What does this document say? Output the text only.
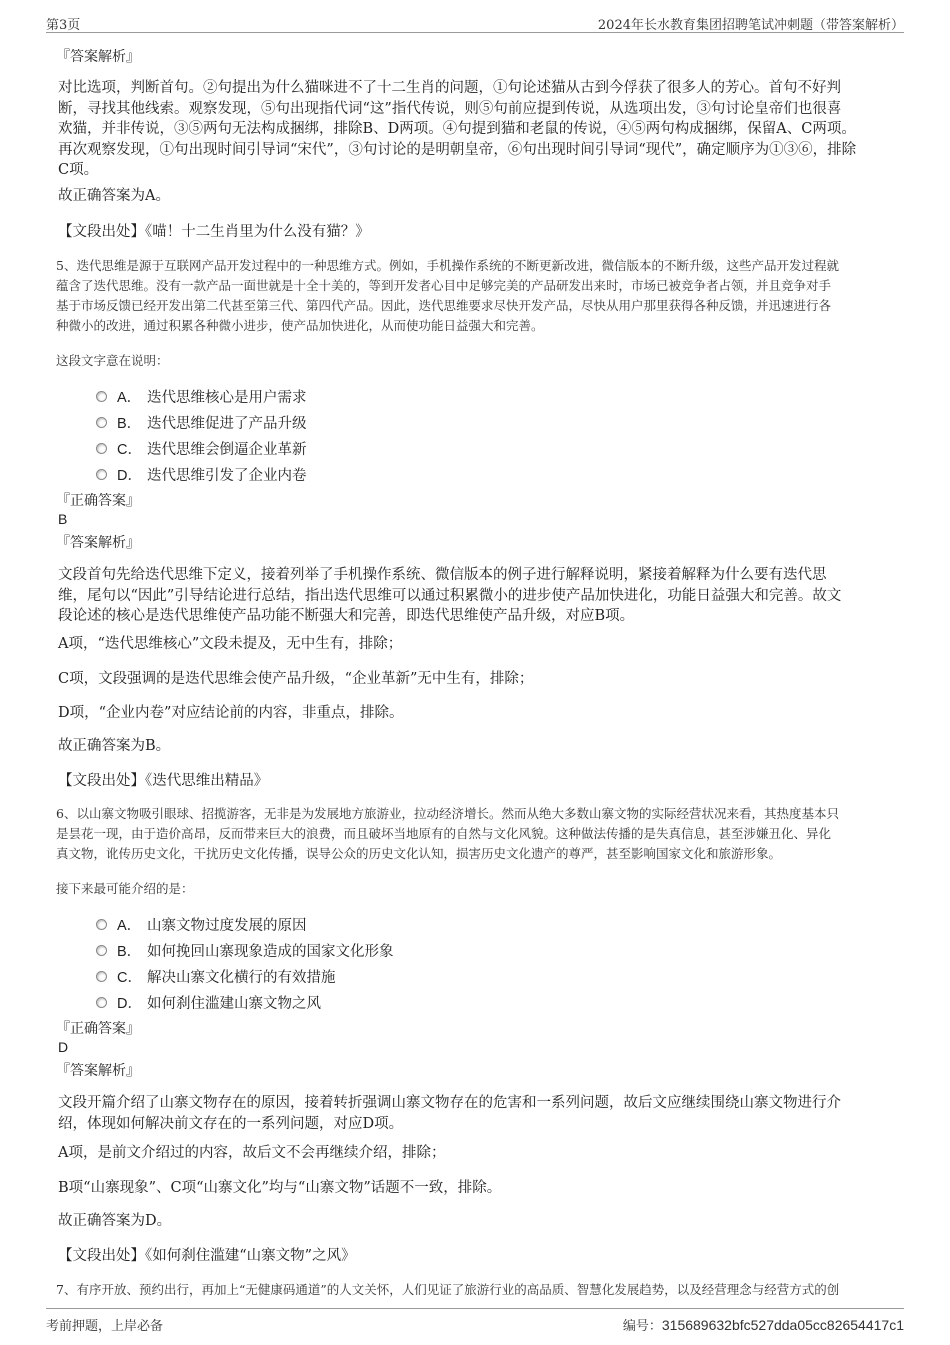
第3页	2024年长水教育集团招聘笔试冲刺题（带答案解析）
『答案解析』
对比选项，判断首句。②句提出为什么猫咪进不了十二生肖的问题，①句论述猫从古到今俘获了很多人的芳心。首句不好判
断，寻找其他线索。观察发现，⑤句出现指代词“这”指代传说，则⑤句前应提到传说，从选项出发，③句讨论皇帝们也很喜
欢猫，并非传说，③⑤两句无法构成捆绑，排除B、D两项。④句提到猫和老鼠的传说，④⑤两句构成捆绑，保留A、C两项。
再次观察发现，①句出现时间引导词“宋代”，③句讨论的是明朝皇帝，⑥句出现时间引导词“现代”，确定顺序为①③⑥，排除
C项。
故正确答案为A。
【文段出处】《喵！十二生肖里为什么没有猫？》
5、迭代思维是源于互联网产品开发过程中的一种思维方式。例如，手机操作系统的不断更新改进，微信版本的不断升级，这些产品开发过程就
蕴含了迭代思维。没有一款产品一面世就是十全十美的，等到开发者心目中足够完美的产品研发出来时，市场已被竞争者占领，并且竞争对手
基于市场反馈已经开发出第二代甚至第三代、第四代产品。因此，迭代思维要求尽快开发产品，尽快从用户那里获得各种反馈，并迅速进行各
种微小的改进，通过积累各种微小进步，使产品加快进化，从而使功能日益强大和完善。
这段文字意在说明：
A． 迭代思维核心是用户需求
B． 迭代思维促进了产品升级
C． 迭代思维会倒逼企业革新
D． 迭代思维引发了企业内卷
『正确答案』
B
『答案解析』
文段首句先给迭代思维下定义，接着列举了手机操作系统、微信版本的例子进行解释说明，紧接着解释为什么要有迭代思
维，尾句以“因此”引导结论进行总结，指出迭代思维可以通过积累微小的进步使产品加快进化，功能日益强大和完善。故文
段论述的核心是迭代思维使产品功能不断强大和完善，即迭代思维使产品升级，对应B项。
A项，“迭代思维核心”文段未提及，无中生有，排除；
C项，文段强调的是迭代思维会使产品升级，“企业革新”无中生有，排除；
D项，“企业内卷”对应结论前的内容，非重点，排除。
故正确答案为B。
【文段出处】《迭代思维出精品》
6、以山寨文物吸引眼球、招揽游客，无非是为发展地方旅游业，拉动经济增长。然而从绝大多数山寨文物的实际经营状况来看，其热度基本只
是昙花一现，由于造价高昂，反而带来巨大的浪费，而且破坏当地原有的自然与文化风貌。这种做法传播的是失真信息，甚至涉嫌丑化、异化
真文物，讹传历史文化，干扰历史文化传播，误导公众的历史文化认知，损害历史文化遗产的尊严，甚至影响国家文化和旅游形象。
接下来最可能介绍的是：
A． 山寨文物过度发展的原因
B． 如何挽回山寨现象造成的国家文化形象
C． 解决山寨文化横行的有效措施
D． 如何刹住滥建山寨文物之风
『正确答案』
D
『答案解析』
文段开篇介绍了山寨文物存在的原因，接着转折强调山寨文物存在的危害和一系列问题，故后文应继续围绕山寨文物进行介
绍，体现如何解决前文存在的一系列问题，对应D项。
A项，是前文介绍过的内容，故后文不会再继续介绍，排除；
B项“山寨现象”、C项“山寨文化”均与“山寨文物”话题不一致，排除。
故正确答案为D。
【文段出处】《如何刹住滥建“山寨文物”之风》
7、有序开放、预约出行，再加上“无健康码通道”的人文关怀，人们见证了旅游行业的高品质、智慧化发展趋势，以及经营理念与经营方式的创
考前押题，上岸必备	编号：315689632bfc527dda05cc82654417c1
